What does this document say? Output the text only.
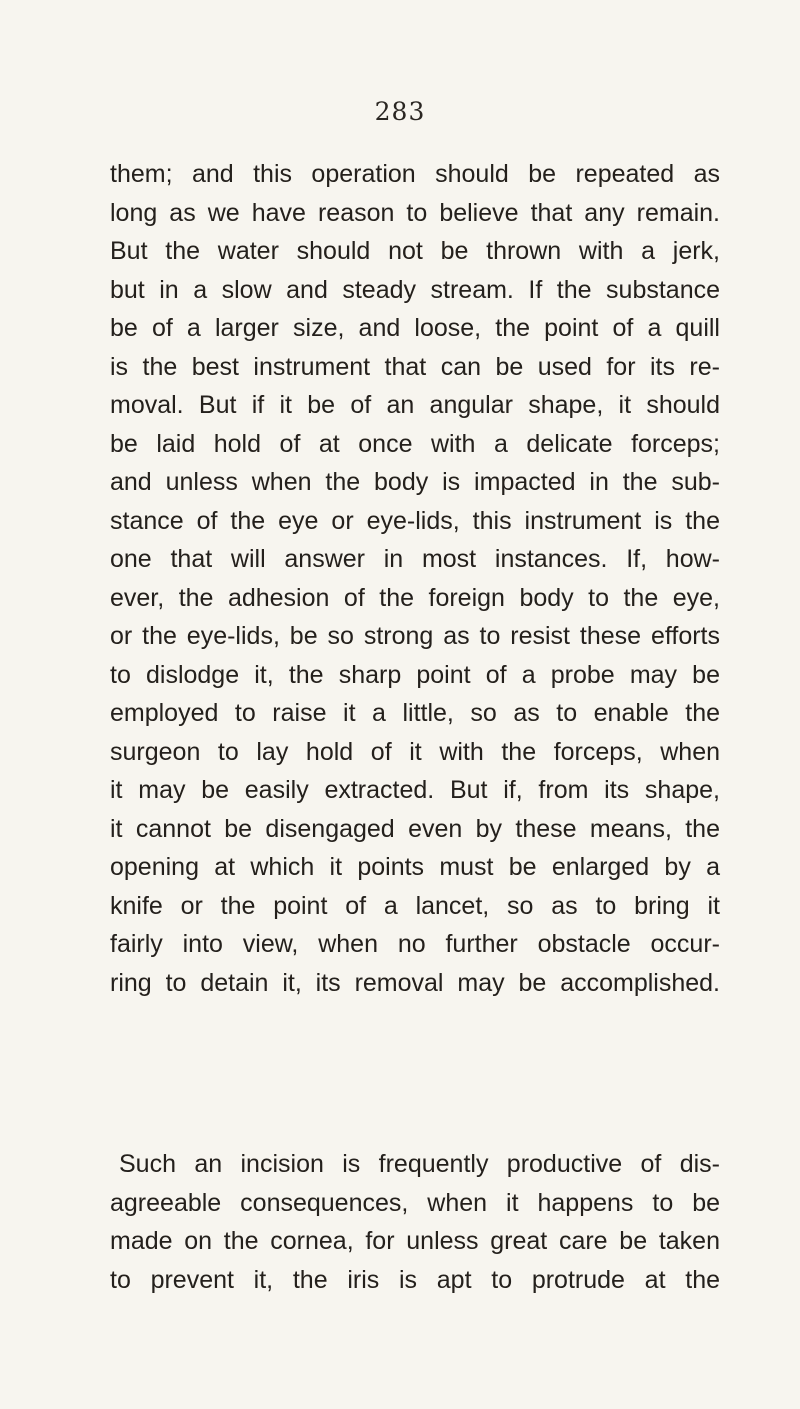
283
them; and this operation should be repeated as
long as we have reason to believe that any remain.
But the water should not be thrown with a jerk,
but in a slow and steady stream. If the substance
be of a larger size, and loose, the point of a quill
is the best instrument that can be used for its re-
moval. But if it be of an angular shape, it should
be laid hold of at once with a delicate forceps;
and unless when the body is impacted in the sub-
stance of the eye or eye-lids, this instrument is the
one that will answer in most instances. If, how-
ever, the adhesion of the foreign body to the eye,
or the eye-lids, be so strong as to resist these efforts
to dislodge it, the sharp point of a probe may be
employed to raise it a little, so as to enable the
surgeon to lay hold of it with the forceps, when
it may be easily extracted. But if, from its shape,
it cannot be disengaged even by these means, the
opening at which it points must be enlarged by a
knife or the point of a lancet, so as to bring it
fairly into view, when no further obstacle occur-
ring to detain it, its removal may be accomplished.
Such an incision is frequently productive of dis-
agreeable consequences, when it happens to be
made on the cornea, for unless great care be taken
to prevent it, the iris is apt to protrude at the
